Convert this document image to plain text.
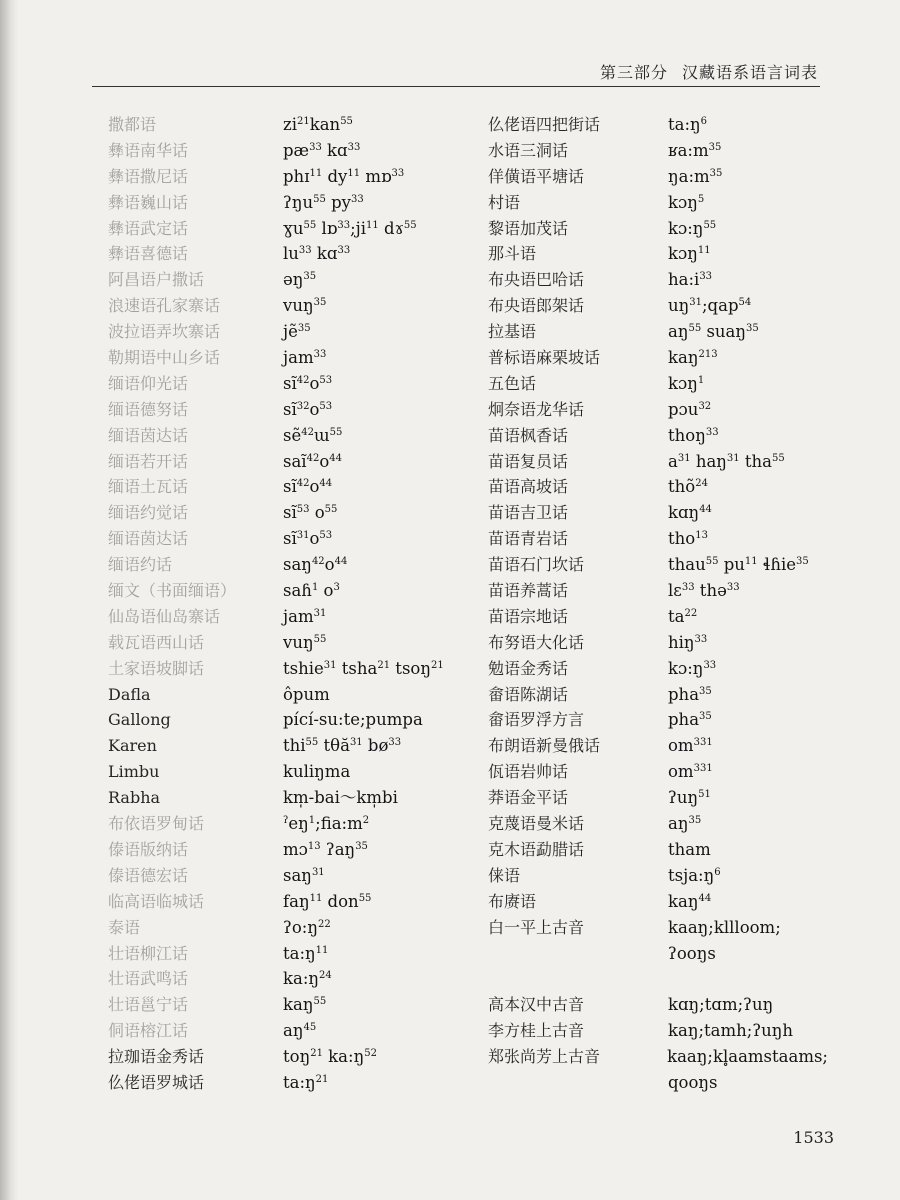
第三部分 汉藏语系语言词表
撒都语	$zi^{21}kan^{55}$
彝语南华话	$pæ^{33}$ kɑ$^{33}$
彝语撒尼话	phɪ$^{11}$ $dy^{11}$ mɒ$^{33}$
彝语巍山话	ʔŋu$^{55}$ $py^{33}$
彝语武定话	ɣu$^{55}$ $lɒ^{33};ji^{11}$ dɤ$^{55}$
彝语喜德话	$lu^{33}$ kɑ$^{33}$
阿昌语户撒话	əŋ$^{35}$
浪速语孔家寨话	vuŋ$^{35}$
波拉语弄坎寨话	jẽ$^{35}$
勒期语中山乡话	jam$^{33}$
缅语仰光话	$sĩ^{42}o^{53}$
缅语德努话	$sĩ^{32}o^{53}$
缅语茵达话	sẽ$^{42}$ɯ$^{55}$
缅语若开话	$saĩ^{42}o^{44}$
缅语土瓦话	$sĩ^{42}o^{44}$
缅语约觉话	$sĩ^{53}$ $o^{55}$
缅语茵达话	$sĩ^{31}o^{53}$
缅语约话	$saŋ^{42}o^{44}$
缅文（书面缅语）	saɦ$^1$ $o^3$
仙岛语仙岛寨话	jam$^{31}$
载瓦语西山话	vuŋ$^{55}$
土家语坡脚话	tshie$^{31}$ tsha$^{21}$ tsoŋ$^{21}$
Dafla	ôpum
Gallong	pící-su:te;pumpa
Karen	thi$^{55}$ tθă$^{31}$ $bø^{33}$
Limbu	kuliŋma
Rabha	km̩-bai～km̩bi
布依语罗甸话	$^ʔeŋ^1;fia:m^2$
傣语版纳话	mɔ$^{13}$ ʔaŋ$^{35}$
傣语德宏话	saŋ$^{31}$
临高语临城话	faŋ$^{11}$ don$^{55}$
泰语	$ʔo:ŋ^{22}$
壮语柳江话	$ta:ŋ^{11}$
壮语武鸣话	$ka:ŋ^{24}$
壮语邕宁话	kaŋ$^{55}$
侗语榕江话	$aŋ^{45}$
拉珈语金秀话	toŋ$^{21}$ $ka:ŋ^{52}$
仫佬语罗城话	$ta:ŋ^{21}$
仫佬语四把街话	$ta:ŋ^6$
水语三洞话	$ʁa:m^{35}$
佯僙语平塘话	$ŋa:m^{35}$
村语	kɔŋ$^5$
黎语加茂话	$kɔ:ŋ^{55}$
那斗语	kɔŋ$^{11}$
布央语巴哈话	$ha:i^{33}$
布央语郎架话	$uŋ^{31};qap^{54}$
拉基语	$aŋ^{55}$ suaŋ$^{35}$
普标语麻栗坡话	kaŋ$^{213}$
五色话	kɔŋ$^1$
炯奈语龙华话	pɔu$^{32}$
苗语枫香话	thoŋ$^{33}$
苗语复员话	$a^{31}$ haŋ$^{31}$ tha$^{55}$
苗语高坡话	thõ$^{24}$
苗语吉卫话	kɑŋ$^{44}$
苗语青岩话	tho$^{13}$
苗语石门坎话	thau$^{55}$ $pu^{11}$ ɬɦie$^{35}$
苗语养蒿话	lɛ$^{33}$ thə$^{33}$
苗语宗地话	$ta^{22}$
布努语大化话	hiŋ$^{33}$
勉语金秀话	$kɔ:ŋ^{33}$
畲语陈湖话	pha$^{35}$
畲语罗浮方言	pha$^{35}$
布朗语新曼俄话	$om^{331}$
佤语岩帅话	$om^{331}$
莽语金平话	ʔuŋ$^{51}$
克蔑语曼米话	$aŋ^{35}$
克木语勐腊话	tham
俫语	$tsja:ŋ^6$
布赓语	kaŋ$^{44}$
白一平上古音	kaaŋ;klllоom;
ʔooŋs
高本汉中古音	kɑŋ;tɑm;ʔuŋ
李方桂上古音	kaŋ;tamh;ʔuŋh
郑张尚芳上古音	kaaŋ;kl̥aamstaams;
qooŋs
1533
